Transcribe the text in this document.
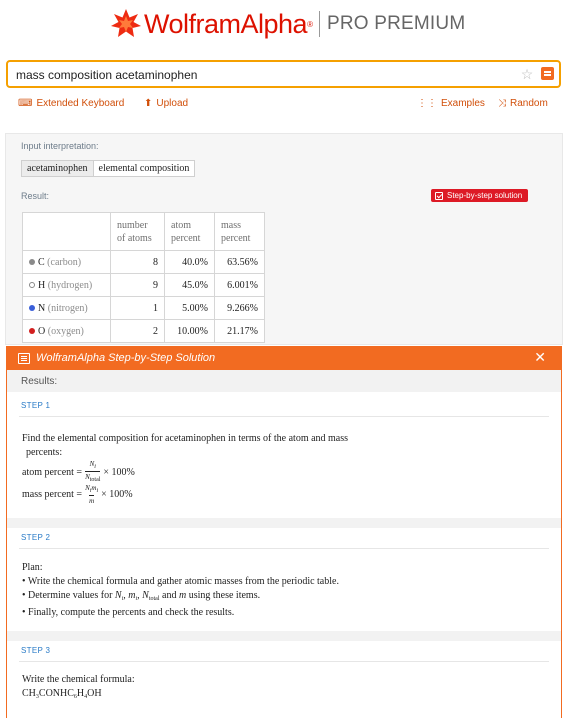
WolframAlpha ® PRO PREMIUM
mass composition acetaminophen
☆
⌨ Extended Keyboard ⬆ Upload	⋮⋮ Examples ⤨ Random
Input interpretation:
acetaminophen	elemental composition
Result:	Step-by-step solution
	number of atoms	atom percent	mass percent
C (carbon)	8	40.0%	63.56%
H (hydrogen)	9	45.0%	6.001%
N (nitrogen)	1	5.00%	9.266%
O (oxygen)	2	10.00%	21.17%
WolframAlpha Step-by-Step Solution	✕
Results:
STEP 1
Find the elemental composition for acetaminophen in terms of the atom and mass
percents:
atom percent = $\frac{Ni}{\text{Ntotal}} \times 100\%$
mass percent = $\frac{\text{Nimi}}{m} \times 100\%$
STEP 2
Plan:
• Write the chemical formula and gather atomic masses from the periodic table.
• Determine values for $N_i$, $m_i$, $N_{total}$ and m using these items.
• Finally, compute the percents and check the results.
STEP 3
Write the chemical formula:
$CH_3CONHC_6H_4OH$
